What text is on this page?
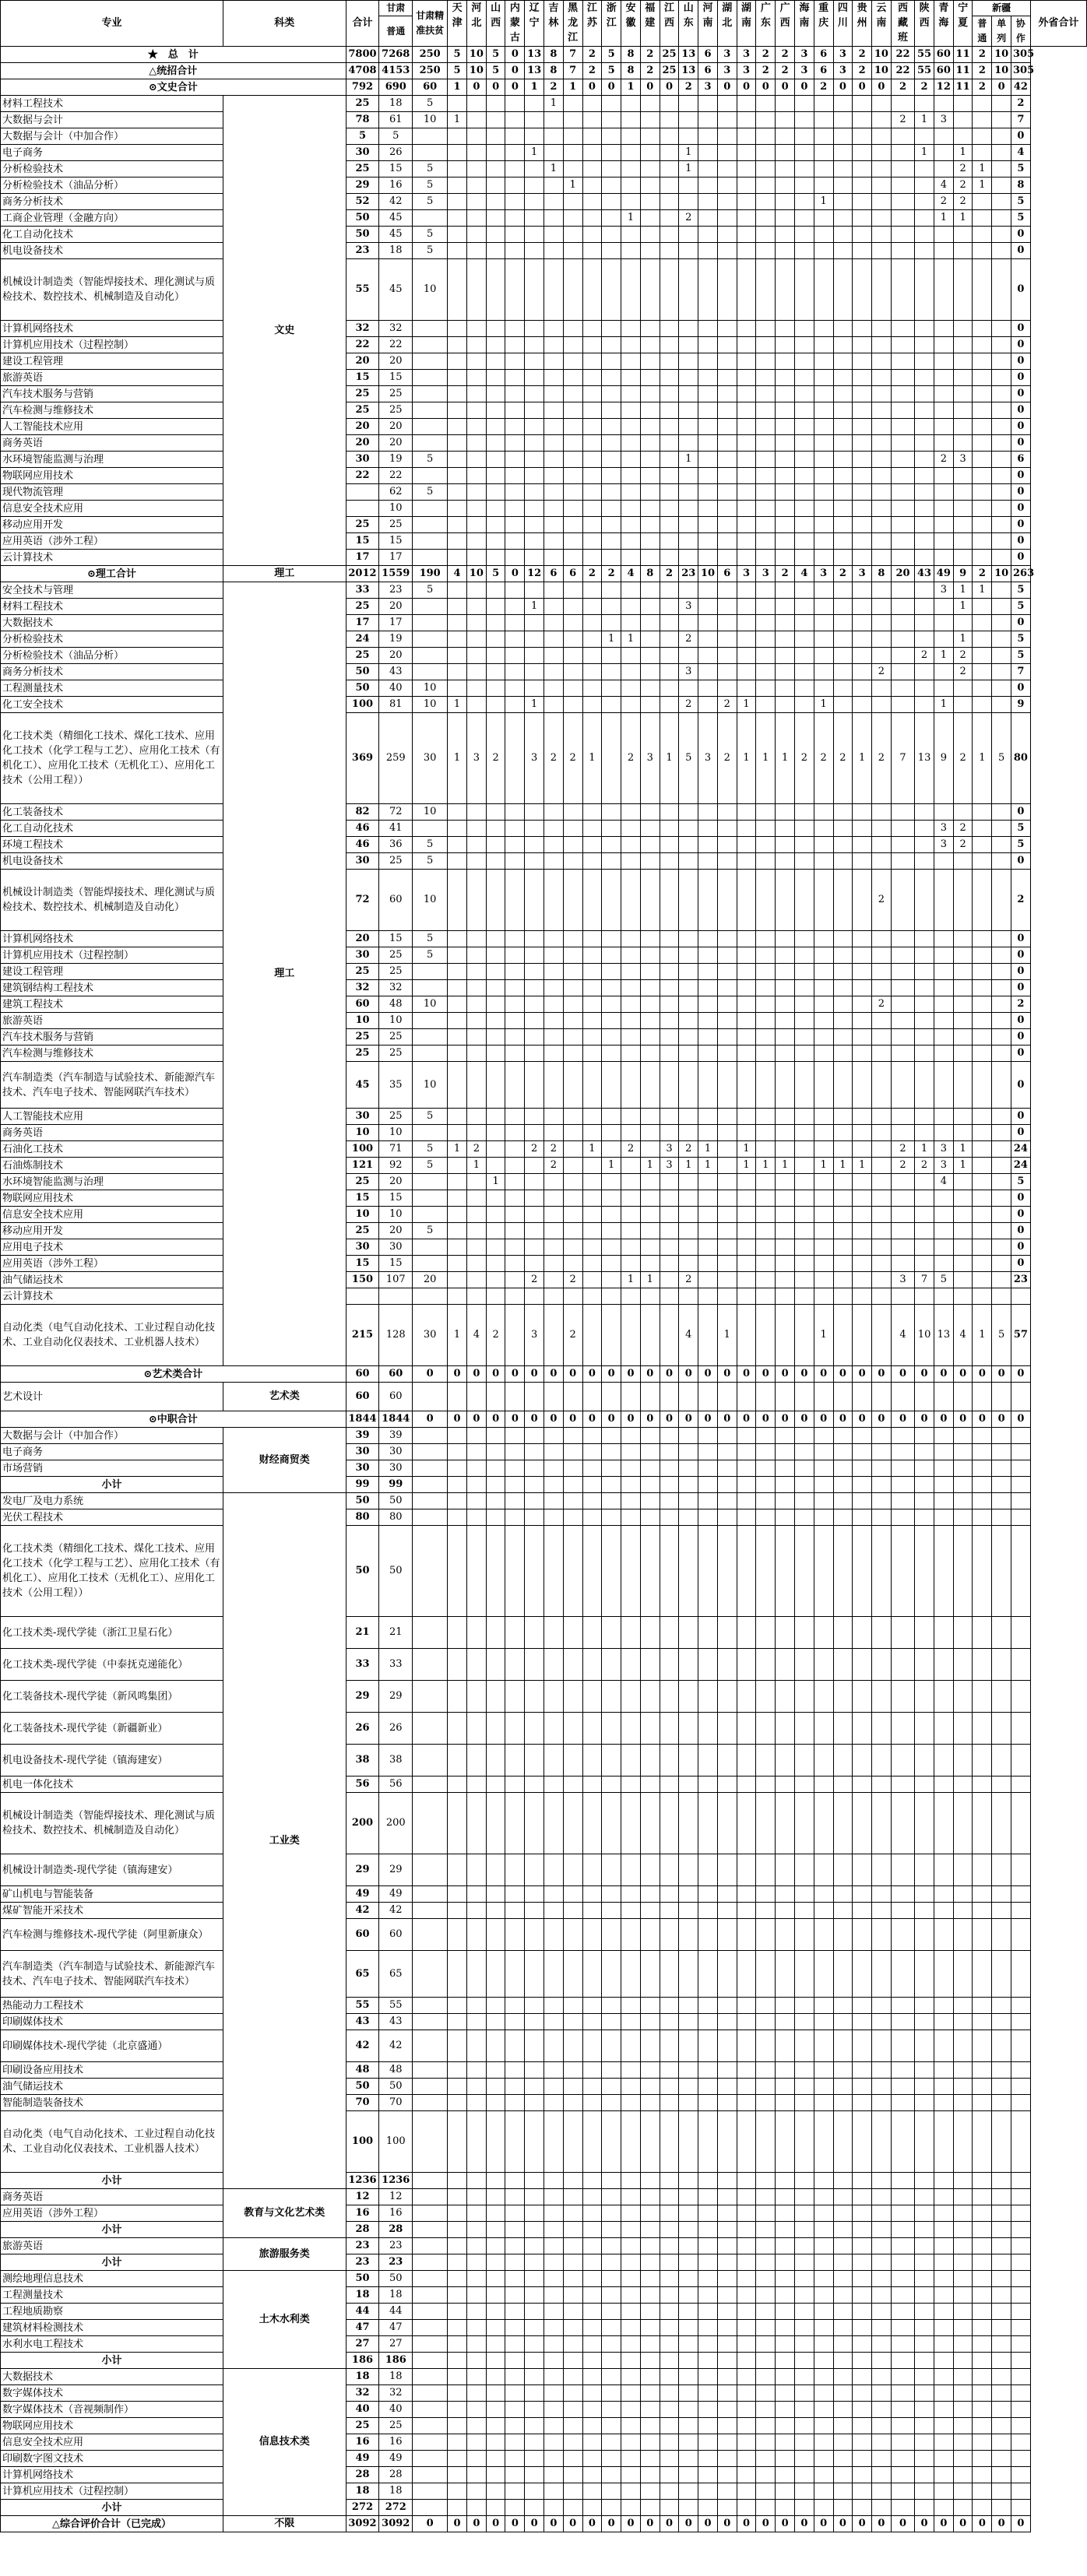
专业	科类	合计	甘肃	甘肃精准扶贫	天津	河北	山西	内蒙古	辽宁	吉林	黑龙江	江苏	浙江	安徽	福建	江西	山东	河南	湖北	湖南	广东	广西	海南	重庆	四川	贵州	云南	西藏班	陕西	青海	宁夏	新疆			外省合计
			普通																													普通	单列	协作	
★　总　计		7800	7268	250	5	10	5	0	13	8	7	2	5	8	2	25	13	6	3	3	2	2	3	6	3	2	10	22	55	60	11	2	10	305	
△统招合计		4708	4153	250	5	10	5	0	13	8	7	2	5	8	2	25	13	6	3	3	2	2	3	6	3	2	10	22	55	60	11	2	10	305	
⊙文史合计		792	690	60	1	0	0	0	1	2	1	0	0	1	0	0	2	3	0	0	0	0	0	2	0	0	0	2	2	12	11	2	0	42	
材料工程技术	文史	25	18	5						1																								2	
大数据与会计		78	61	10	1																							2	1	3				7	
大数据与会计（中加合作）		5	5																															0	
电子商务		30	26						1								1												1		1			4	
分析检验技术		25	15	5						1							1														2	1		5	
分析检验技术（油品分析）		29	16	5							1																			4	2	1		8	
商务分析技术		52	42	5																				1						2	2			5	
工商企业管理（金融方向）		50	45											1			2													1	1			5	
化工自动化技术		50	45	5																														0	
机电设备技术		23	18	5																														0	
机械设计制造类（智能焊接技术、理化测试与质检技术、数控技术、机械制造及自动化）		55	45	10																														0	
计算机网络技术		32	32																															0	
计算机应用技术（过程控制）		22	22																															0	
建设工程管理		20	20																															0	
旅游英语		15	15																															0	
汽车技术服务与营销		25	25																															0	
汽车检测与维修技术		25	25																															0	
人工智能技术应用		20	20																															0	
商务英语		20	20																															0	
水环境智能监测与治理		30	19	5													1													2	3			6	
物联网应用技术		22	22																															0	
现代物流管理			62	5																														0	
信息安全技术应用			10																															0	
移动应用开发		25	25																															0	
应用英语（涉外工程）		15	15																															0	
云计算技术		17	17																															0	
⊙理工合计	理工	2012	1559	190	4	10	5	0	12	6	6	2	2	4	8	2	23	10	6	3	3	2	4	3	2	3	8	20	43	49	9	2	10	263	
安全技术与管理	理工	33	23	5																										3	1	1		5	
材料工程技术		25	20						1								3														1			5	
大数据技术		17	17																															0	
分析检验技术		24	19										1	1			2														1			5	
分析检验技术（油品分析）		25	20																										2	1	2			5	
商务分析技术		50	43														3										2				2			7	
工程测量技术		50	40	10																														0	
化工安全技术		100	81	10	1				1								2		2	1				1						1				9	
化工技术类（精细化工技术、煤化工技术、应用化工技术（化学工程与工艺）、应用化工技术（有机化工）、应用化工技术（无机化工）、应用化工技术（公用工程））		369	259	30	1	3	2		3	2	2	1		2	3	1	5	3	2	1	1	1	2	2	2	1	2	7	13	9	2	1	5	80	
化工装备技术		82	72	10																														0	
化工自动化技术		46	41																											3	2			5	
环境工程技术		46	36	5																										3	2			5	
机电设备技术		30	25	5																														0	
机械设计制造类（智能焊接技术、理化测试与质检技术、数控技术、机械制造及自动化）		72	60	10																							2							2	
计算机网络技术		20	15	5																														0	
计算机应用技术（过程控制）		30	25	5																														0	
建设工程管理		25	25																															0	
建筑钢结构工程技术		32	32																															0	
建筑工程技术		60	48	10																							2							2	
旅游英语		10	10																															0	
汽车技术服务与营销		25	25																															0	
汽车检测与维修技术		25	25																															0	
汽车制造类（汽车制造与试验技术、新能源汽车技术、汽车电子技术、智能网联汽车技术）		45	35	10																														0	
人工智能技术应用		30	25	5																														0	
商务英语		10	10																															0	
石油化工技术		100	71	5	1	2			2	2		1		2		3	2	1		1								2	1	3	1			24	
石油炼制技术		121	92	5		1				2			1		1	3	1	1		1	1	1		1	1	1		2	2	3	1			24	
水环境智能监测与治理		25	20				1																							4				5	
物联网应用技术		15	15																															0	
信息安全技术应用		10	10																															0	
移动应用开发		25	20	5																														0	
应用电子技术		30	30																															0	
应用英语（涉外工程）		15	15																															0	
油气储运技术		150	107	20					2		2			1	1		2											3	7	5				23	
云计算技术																																			
自动化类（电气自动化技术、工业过程自动化技术、工业自动化仪表技术、工业机器人技术）		215	128	30	1	4	2		3		2						4		1					1				4	10	13	4	1	5	57	
⊙艺术类合计		60	60	0	0	0	0	0	0	0	0	0	0	0	0	0	0	0	0	0	0	0	0	0	0	0	0	0	0	0	0	0	0	0	
艺术设计	艺术类	60	60																																
⊙中职合计		1844	1844	0	0	0	0	0	0	0	0	0	0	0	0	0	0	0	0	0	0	0	0	0	0	0	0	0	0	0	0	0	0	0	
大数据与会计（中加合作）	财经商贸类	39	39																																
电子商务		30	30																																
市场营销		30	30																																
小计		99	99																																
发电厂及电力系统	工业类	50	50																																
光伏工程技术		80	80																																
化工技术类（精细化工技术、煤化工技术、应用化工技术（化学工程与工艺）、应用化工技术（有机化工）、应用化工技术（无机化工）、应用化工技术（公用工程））		50	50																																
化工技术类-现代学徒（浙江卫星石化）		21	21																																
化工技术类-现代学徒（中泰抚克递能化）		33	33																																
化工装备技术-现代学徒（新风鸣集团）		29	29																																
化工装备技术-现代学徒（新疆新业）		26	26																																
机电设备技术-现代学徒（镇海建安）		38	38																																
机电一体化技术		56	56																																
机械设计制造类（智能焊接技术、理化测试与质检技术、数控技术、机械制造及自动化）		200	200																																
机械设计制造类-现代学徒（镇海建安）		29	29																																
矿山机电与智能装备		49	49																																
煤矿智能开采技术		42	42																																
汽车检测与维修技术-现代学徒（阿里新康众）		60	60																																
汽车制造类（汽车制造与试验技术、新能源汽车技术、汽车电子技术、智能网联汽车技术）		65	65																																
热能动力工程技术		55	55																																
印刷媒体技术		43	43																																
印刷媒体技术-现代学徒（北京盛通）		42	42																																
印刷设备应用技术		48	48																																
油气储运技术		50	50																																
智能制造装备技术		70	70																																
自动化类（电气自动化技术、工业过程自动化技术、工业自动化仪表技术、工业机器人技术）		100	100																																
小计		1236	1236																																
商务英语	教育与文化艺术类	12	12																																
应用英语（涉外工程）		16	16																																
小计		28	28																																
旅游英语	旅游服务类	23	23																																
小计		23	23																																
测绘地理信息技术	土木水利类	50	50																																
工程测量技术		18	18																																
工程地质勘察		44	44																																
建筑材料检测技术		47	47																																
水利水电工程技术		27	27																																
小计		186	186																																
大数据技术	信息技术类	18	18																																
数字媒体技术		32	32																																
数字媒体技术（音视频制作）		40	40																																
物联网应用技术		25	25																																
信息安全技术应用		16	16																																
印刷数字图文技术		49	49																																
计算机网络技术		28	28																																
计算机应用技术（过程控制）		18	18																																
小计		272	272																																
△综合评价合计（已完成）	不限	3092	3092	0	0	0	0	0	0	0	0	0	0	0	0	0	0	0	0	0	0	0	0	0	0	0	0	0	0	0	0	0	0	0	
